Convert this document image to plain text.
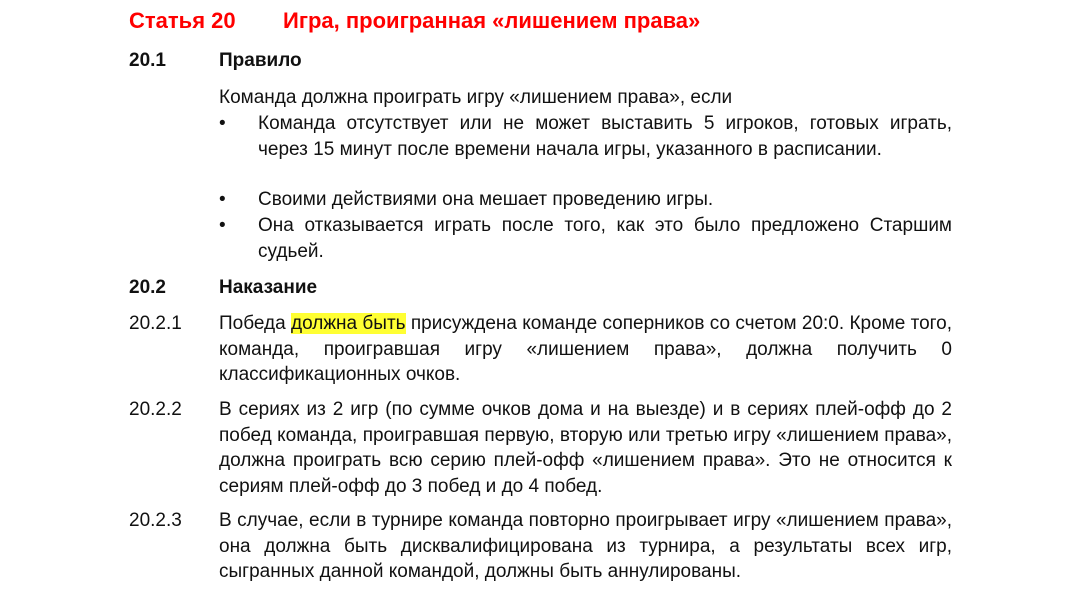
Статья 20 Игра, проигранная «лишением права»
20.1	Правило
Команда должна проиграть игру «лишением права», если
•	Команда отсутствует или не может выставить 5 игроков, готовых играть, через 15 минут после времени начала игры, указанного в расписании.
•	Своими действиями она мешает проведению игры.
•	Она отказывается играть после того, как это было предложено Старшим судьей.
20.2	Наказание
20.2.1 Победа должна быть присуждена команде соперников со счетом 20:0. Кроме того, команда, проигравшая игру «лишением права», должна получить 0 классификационных очков.
20.2.2 В сериях из 2 игр (по сумме очков дома и на выезде) и в сериях плей-офф до 2 побед команда, проигравшая первую, вторую или третью игру «лишением права», должна проиграть всю серию плей-офф «лишением права». Это не относится к сериям плей-офф до 3 побед и до 4 побед.
20.2.3 В случае, если в турнире команда повторно проигрывает игру «лишением права», она должна быть дисквалифицирована из турнира, а результаты всех игр, сыгранных данной командой, должны быть аннулированы.
